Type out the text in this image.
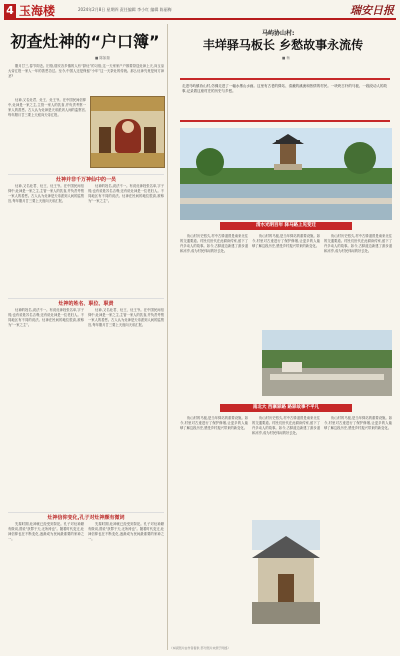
4 玉海楼	2024年2月8日 星期四 责任编辑 李小红 编辑 陈丽梅	瑞安日报
初查灶神的“户口簿”
■ 陈如瑞

腊月廿三,春节即近。旧俗,瑞安各乡镇的人有“辞灶”的习俗,这一天家家户户都要祭送灶神上天,向玉皇大帝汇报一家人一年的善恶功过。至今,中国人还是保留“小年”这一天祭灶的传统。那么灶神究竟是何方神圣?

灶神,又名灶君、灶王、灶王爷。在中国民间信仰中,灶神是一家之主,主管一家人的饮食,并负责考察一家人的善恶。古人认为灶神是天帝派到人间的监察官,每年腊月廿三要上天庭向天帝汇报。

灶神并非千万神仙中的一员

灶神,又名灶君、灶王、灶王爷。在中国民间信仰中,灶神是一家之主,主管一家人的饮食,并负责考察一家人的善恶。古人认为灶神是天帝派到人间的监察官,每年腊月廿三要上天庭向天帝汇报。

灶神的姓名,说法不一。有说灶神姓张名单,字子郭;也有说姓苏名吉利;还有说灶神是一位老妇人。不同地区有不同的说法。灶神在民间的地位很高,被称为“一家之主”。

灶神的姓名、职位、职责

灶神的姓名,说法不一。有说灶神姓张名单,字子郭;也有说姓苏名吉利;还有说灶神是一位老妇人。不同地区有不同的说法。灶神在民间的地位很高,被称为“一家之主”。

灶神,又名灶君、灶王、灶王爷。在中国民间信仰中,灶神是一家之主,主管一家人的饮食,并负责考察一家人的善恶。古人认为灶神是天帝派到人间的监察官,每年腊月廿三要上天庭向天帝汇报。

灶神信仰变化,孔子对灶神颇有微词

先秦时期,灶神就已经受到祭祀。孔子对灶神颇有微词,曾说“获罪于天,无所祷也”。随着时代变迁,灶神信仰也在不断变化,逐渐成为民间最重要的家神之一。

先秦时期,灶神就已经受到祭祀。孔子对灶神颇有微词,曾说“获罪于天,无所祷也”。随着时代变迁,灶神信仰也在不断变化,逐渐成为民间最重要的家神之一。

马屿协山村:
丰垟驿马板长 乡愁故事永流传
■ 杨
走进马屿镇协山村,仿佛走进了一幅水墨山水画。这里有古老的驿站、清澈的溪流和热情的村民。一块块古朴的马板、一段段动人的故事,记录着这座村庄的历史与乡愁。
清水光明百年 驿马路上见变迁

协山村历史悠久,村中古驿道曾是南来北往的交通要道。村民们世代在此耕读传家,留下了许多动人的故事。如今,古驿道边新建了游步道和凉亭,成为村民休闲的好去处。

协山村的马板,是当年驿站的重要设施。如今,村里对古迹进行了保护修缮,让更多的人能够了解这段历史,感受乡村振兴带来的新变化。

协山村历史悠久,村中古驿道曾是南来北往的交通要道。村民们世代在此耕读传家,留下了许多动人的故事。如今,古驿道边新建了游步道和凉亭,成为村民休闲的好去处。

南北大 西寨驿路 路驿故事不平凡

协山村的马板,是当年驿站的重要设施。如今,村里对古迹进行了保护修缮,让更多的人能够了解这段历史,感受乡村振兴带来的新变化。

协山村历史悠久,村中古驿道曾是南来北往的交通要道。村民们世代在此耕读传家,留下了许多动人的故事。如今,古驿道边新建了游步道和凉亭,成为村民休闲的好去处。

协山村的马板,是当年驿站的重要设施。如今,村里对古迹进行了保护修缮,让更多的人能够了解这段历史,感受乡村振兴带来的新变化。

（本版图片由作者提供 部分图片来源于网络）
